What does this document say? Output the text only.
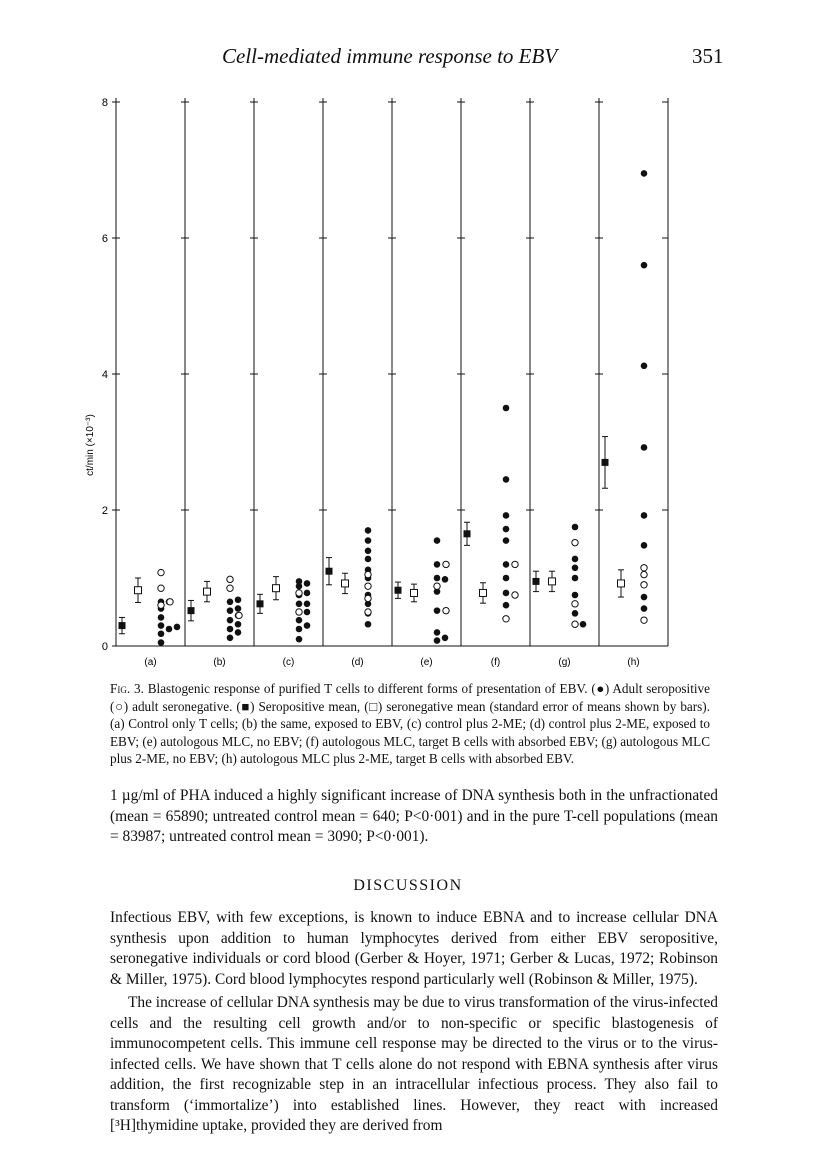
Cell-mediated immune response to EBV	351
0
2
4
6
8
(a)	(b)	(c)	(d)	(e)	(f)	(g)	(h)
ct/min (×10⁻³)
Fig. 3. Blastogenic response of purified T cells to different forms of presentation of EBV. (●) Adult seropositive (○) adult seronegative. (■) Seropositive mean, (□) seronegative mean (standard error of means shown by bars). (a) Control only T cells; (b) the same, exposed to EBV, (c) control plus 2-ME; (d) control plus 2-ME, exposed to EBV; (e) autologous MLC, no EBV; (f) autologous MLC, target B cells with absorbed EBV; (g) autologous MLC plus 2-ME, no EBV; (h) autologous MLC plus 2-ME, target B cells with absorbed EBV.
1 µg/ml of PHA induced a highly significant increase of DNA synthesis both in the unfractionated (mean = 65890; untreated control mean = 640; P<0·001) and in the pure T-cell populations (mean = 83987; untreated control mean = 3090; P<0·001).
DISCUSSION
Infectious EBV, with few exceptions, is known to induce EBNA and to increase cellular DNA synthesis upon addition to human lymphocytes derived from either EBV seropositive, seronegative individuals or cord blood (Gerber & Hoyer, 1971; Gerber & Lucas, 1972; Robinson & Miller, 1975). Cord blood lymphocytes respond particularly well (Robinson & Miller, 1975).
The increase of cellular DNA synthesis may be due to virus transformation of the virus-infected cells and the resulting cell growth and/or to non-specific or specific blastogenesis of immunocompetent cells. This immune cell response may be directed to the virus or to the virus-infected cells. We have shown that T cells alone do not respond with EBNA synthesis after virus addition, the first recognizable step in an intracellular infectious process. They also fail to transform (‘immortalize’) into established lines. However, they react with increased [³H]thymidine uptake, provided they are derived from
